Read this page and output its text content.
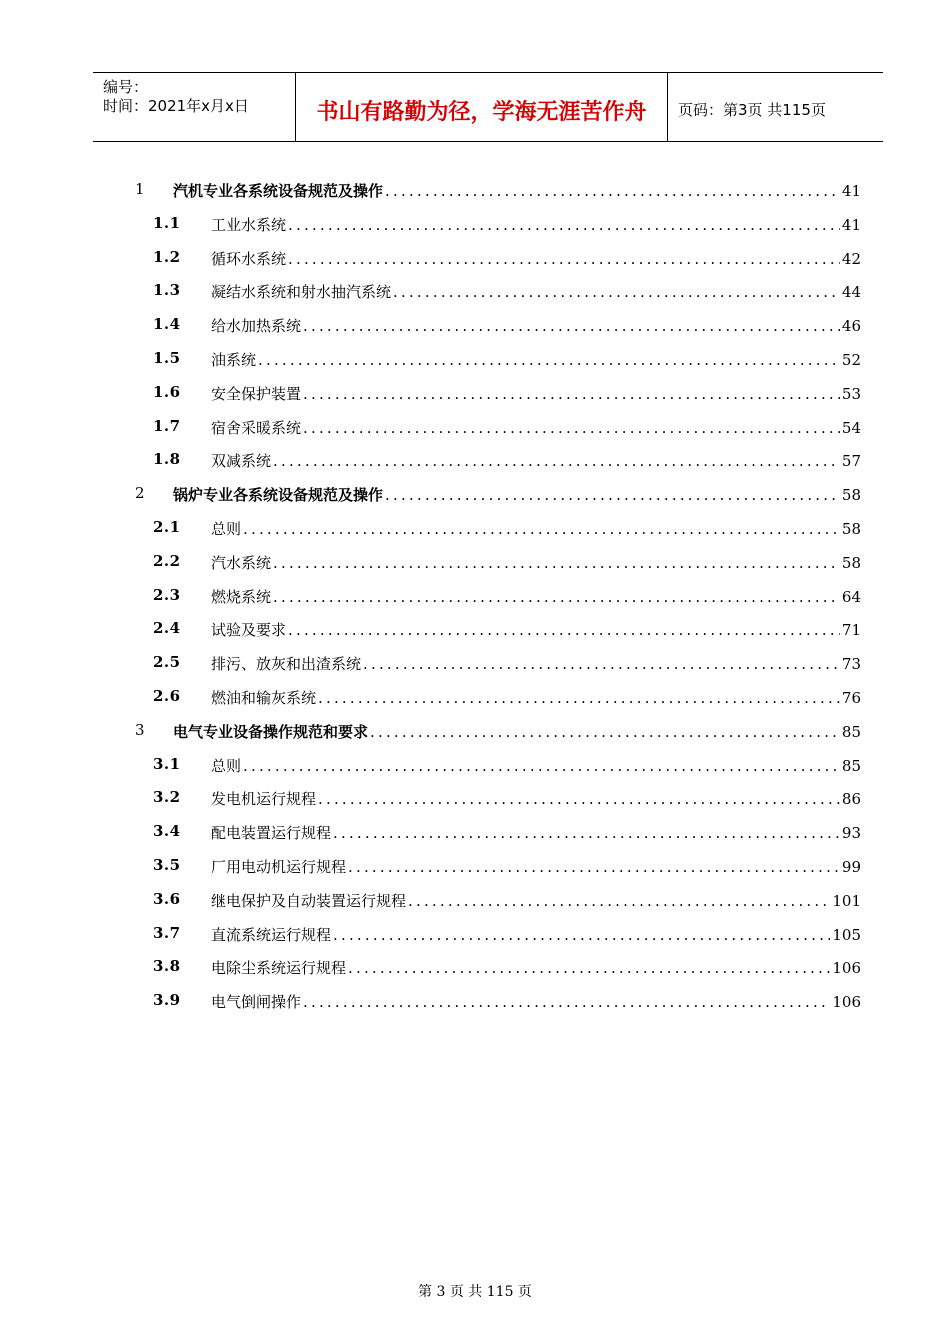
编号：
时间：2021年x月x日	书山有路勤为径，学海无涯苦作舟	页码：第3页 共115页
1 汽机专业各系统设备规范及操作 .....	41
1.1 工业水系统 .....	41
1.2 循环水系统 .....	42
1.3 凝结水系统和射水抽汽系统 .....	44
1.4 给水加热系统 .....	46
1.5 油系统 .....	52
1.6 安全保护装置 .....	53
1.7 宿舍采暖系统 .....	54
1.8 双减系统 .....	57
2 锅炉专业各系统设备规范及操作 .....	58
2.1 总则 .....	58
2.2 汽水系统 .....	58
2.3 燃烧系统 .....	64
2.4 试验及要求 .....	71
2.5 排污、放灰和出渣系统 .....	73
2.6 燃油和输灰系统 .....	76
3 电气专业设备操作规范和要求 .....	85
3.1 总则 .....	85
3.2 发电机运行规程 .....	86
3.4 配电装置运行规程 .....	93
3.5 厂用电动机运行规程 .....	99
3.6 继电保护及自动装置运行规程 .....	101
3.7 直流系统运行规程 .....	105
3.8 电除尘系统运行规程 .....	106
3.9 电气倒闸操作 .....	106
第 3 页 共 115 页
